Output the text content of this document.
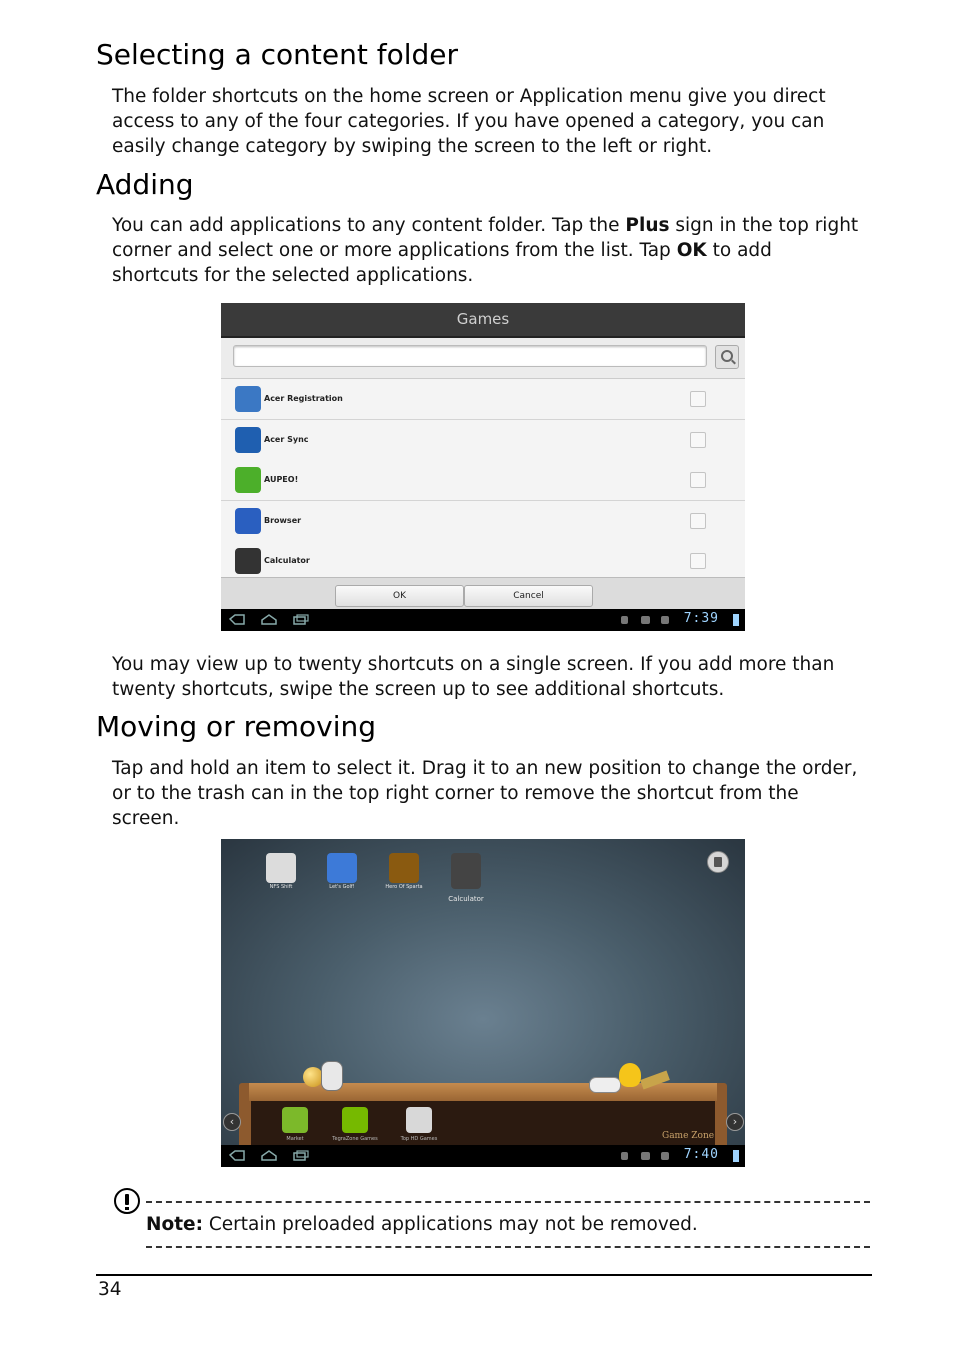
Selecting a content folder

The folder shortcuts on the home screen or Application menu give you direct access to any of the four categories. If you have opened a category, you can easily change category by swiping the screen to the left or right.

Adding

You can add applications to any content folder. Tap the Plus sign in the top right corner and select one or more applications from the list. Tap OK to add shortcuts for the selected applications.

Games
Acer Registration
Acer Sync
AUPEO!
Browser
Calculator
OK	Cancel
7:39

You may view up to twenty shortcuts on a single screen. If you add more than twenty shortcuts, swipe the screen up to see additional shortcuts.

Moving or removing

Tap and hold an item to select it. Drag it to an new position to change the order, or to the trash can in the top right corner to remove the shortcut from the screen.

NFS Shift	Let's Golf!	Hero Of Sparta
Calculator
Market	TegraZone Games	Top HD Games
‹	›
Game Zone
7:40

Note: Certain preloaded applications may not be removed.

34
